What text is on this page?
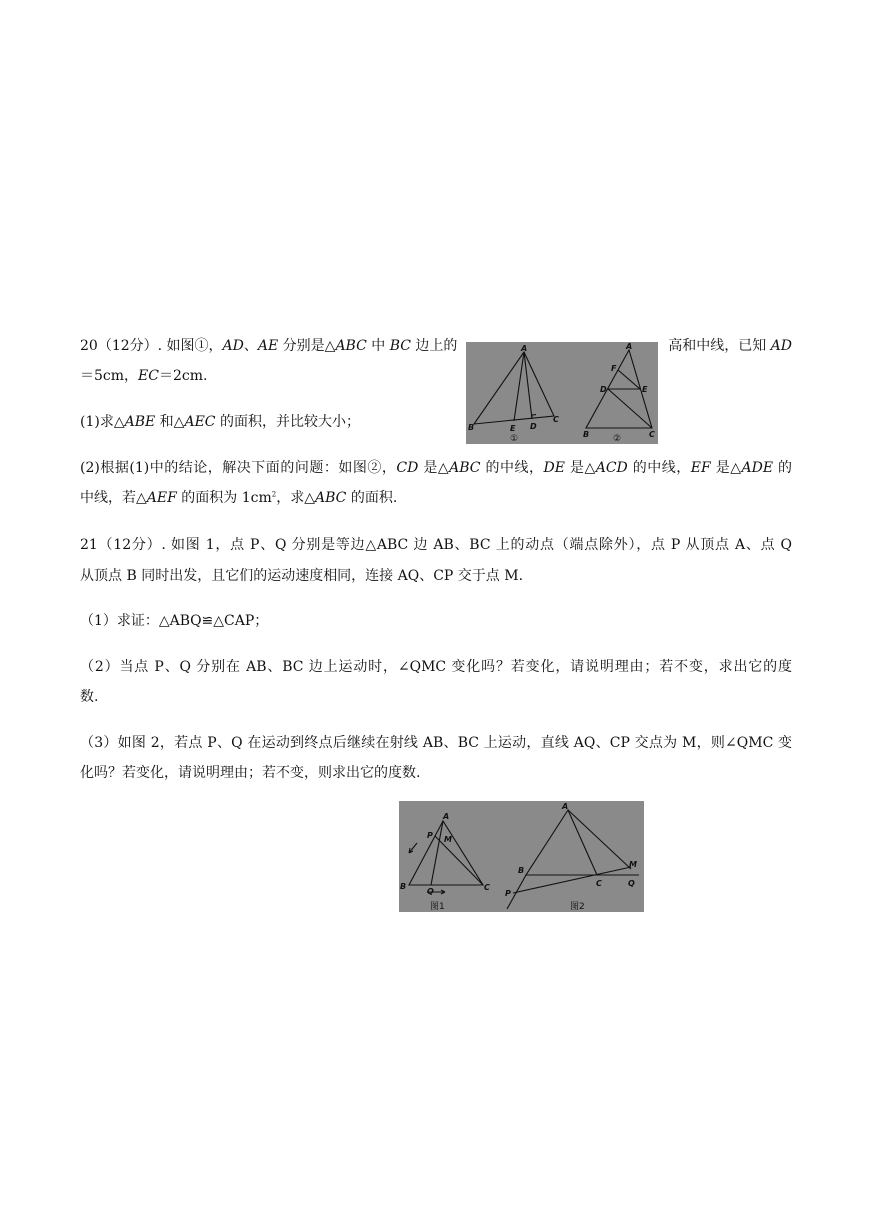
20（12分）. 如图①，AD、AE 分别是△ABC 中 BC 边上的	高和中线，已知 AD
＝5cm，EC＝2cm.
(1)求△ABE 和△AEC 的面积，并比较大小；
(2)根据(1)中的结论，解决下面的问题：如图②，CD 是△ABC 的中线，DE 是△ACD 的中线，EF 是△ADE 的
中线，若△AEF 的面积为 $1cm^2$，求△ABC 的面积.
A
B	E D
C
F
D	E
B	C
A
①	②
21（12分）. 如图 1，点 P、Q 分别是等边△ABC 边 AB、BC 上的动点（端点除外），点 P 从顶点 A、点 Q
从顶点 B 同时出发，且它们的运动速度相同，连接 AQ、CP 交于点 M.
（1）求证：△ABQ≌△CAP；
（2）当点 P、Q 分别在 AB、BC 边上运动时，∠QMC 变化吗？若变化，请说明理由；若不变，求出它的度
数.
（3）如图 2，若点 P、Q 在运动到终点后继续在射线 AB、BC 上运动，直线 AQ、CP 交点为 M，则∠QMC 变
化吗？若变化，请说明理由；若不变，则求出它的度数.
A
P M
B
Q	C
A
B
C
M
Q
P
图1	图2
